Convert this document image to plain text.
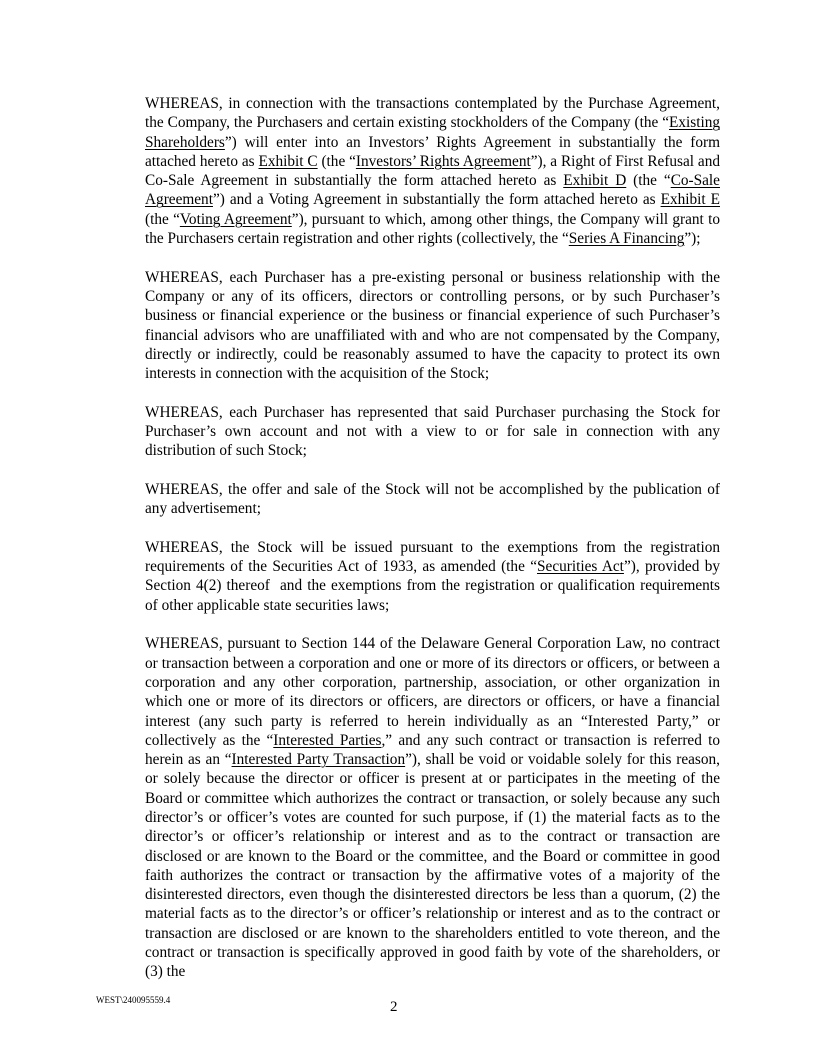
WHEREAS, in connection with the transactions contemplated by the Purchase Agreement, the Company, the Purchasers and certain existing stockholders of the Company (the “Existing Shareholders”) will enter into an Investors’ Rights Agreement in substantially the form attached hereto as Exhibit C (the “Investors’ Rights Agreement”), a Right of First Refusal and Co-Sale Agreement in substantially the form attached hereto as Exhibit D (the “Co-Sale Agreement”) and a Voting Agreement in substantially the form attached hereto as Exhibit E (the “Voting Agreement”), pursuant to which, among other things, the Company will grant to the Purchasers certain registration and other rights (collectively, the “Series A Financing”);

WHEREAS, each Purchaser has a pre-existing personal or business relationship with the Company or any of its officers, directors or controlling persons, or by such Purchaser’s business or financial experience or the business or financial experience of such Purchaser’s financial advisors who are unaffiliated with and who are not compensated by the Company, directly or indirectly, could be reasonably assumed to have the capacity to protect its own interests in connection with the acquisition of the Stock;

WHEREAS, each Purchaser has represented that said Purchaser purchasing the Stock for Purchaser’s own account and not with a view to or for sale in connection with any distribution of such Stock;

WHEREAS, the offer and sale of the Stock will not be accomplished by the publication of any advertisement;

WHEREAS, the Stock will be issued pursuant to the exemptions from the registration requirements of the Securities Act of 1933, as amended (the “Securities Act”), provided by Section 4(2) thereof  and the exemptions from the registration or qualification requirements of other applicable state securities laws;

WHEREAS, pursuant to Section 144 of the Delaware General Corporation Law, no contract or transaction between a corporation and one or more of its directors or officers, or between a corporation and any other corporation, partnership, association, or other organization in which one or more of its directors or officers, are directors or officers, or have a financial interest (any such party is referred to herein individually as an “Interested Party,” or collectively as the “Interested Parties,” and any such contract or transaction is referred to herein as an “Interested Party Transaction”), shall be void or voidable solely for this reason, or solely because the director or officer is present at or participates in the meeting of the Board or committee which authorizes the contract or transaction, or solely because any such director’s or officer’s votes are counted for such purpose, if (1) the material facts as to the director’s or officer’s relationship or interest and as to the contract or transaction are disclosed or are known to the Board or the committee, and the Board or committee in good faith authorizes the contract or transaction by the affirmative votes of a majority of the disinterested directors, even though the disinterested directors be less than a quorum, (2) the material facts as to the director’s or officer’s relationship or interest and as to the contract or transaction are disclosed or are known to the shareholders entitled to vote thereon, and the contract or transaction is specifically approved in good faith by vote of the shareholders, or (3) the

WEST\240095559.4	2
